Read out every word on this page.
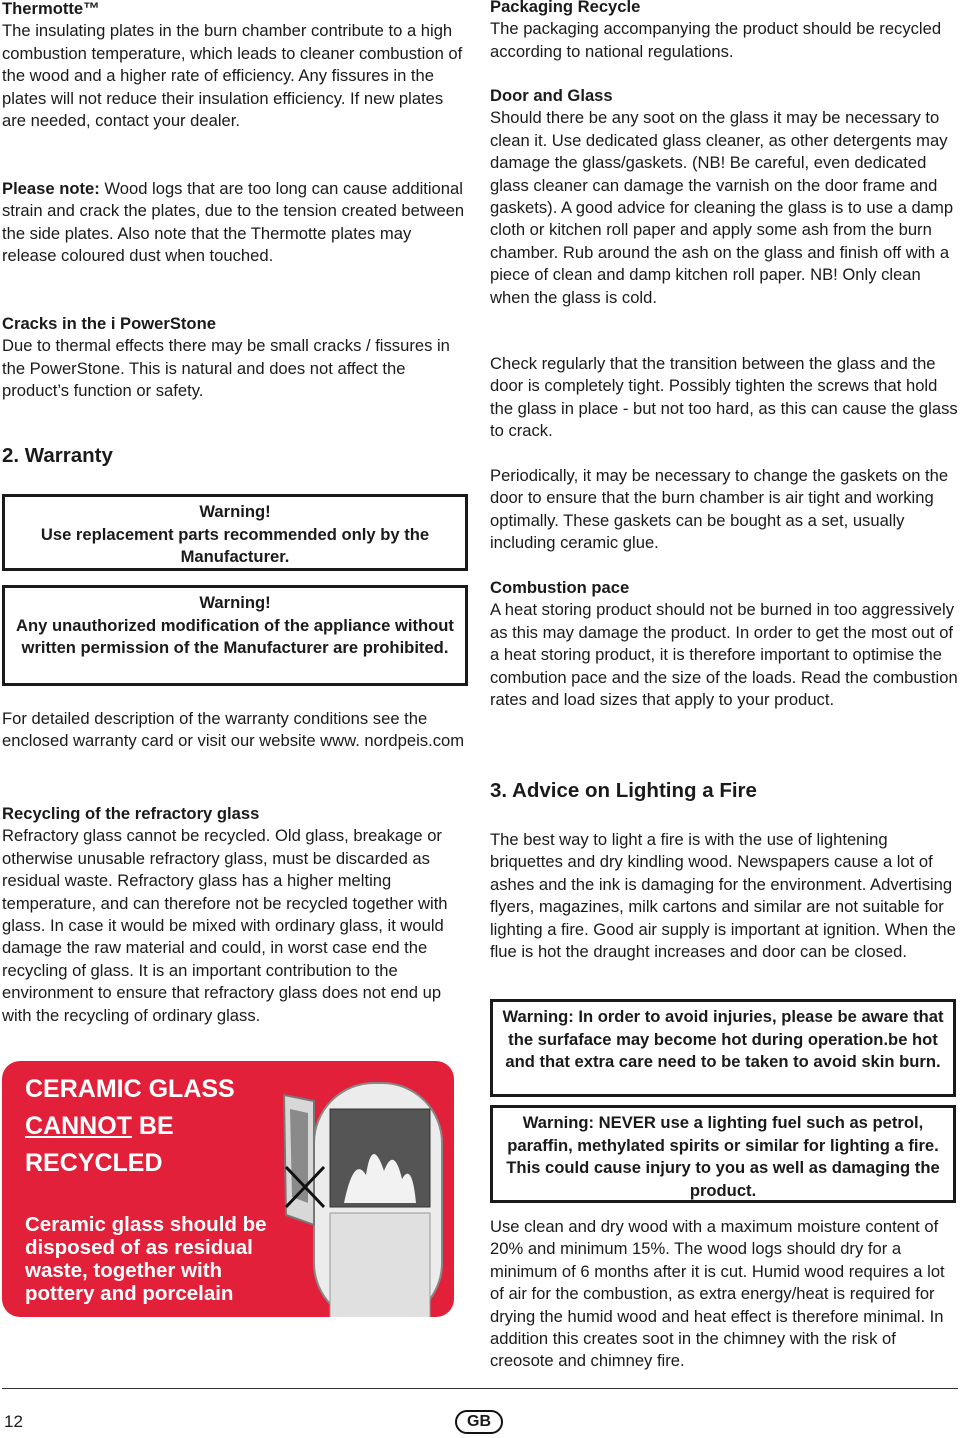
Thermotte™

The insulating plates in the burn chamber contribute to a high combustion temperature, which leads to cleaner combustion of the wood and a higher rate of efficiency. Any fissures in the plates will not reduce their insulation efficiency. If new plates are needed, contact your dealer.

Please note: Wood logs that are too long can cause additional strain and crack the plates, due to the tension created between the side plates. Also note that the Thermotte plates may release coloured dust when touched.

Cracks in the i PowerStone

Due to thermal effects there may be small cracks / fissures in the PowerStone. This is natural and does not affect the product’s function or safety.

2. Warranty

Warning!
Use replacement parts recommended only by the Manufacturer.
Warning!
Any unauthorized modification of the appliance without written permission of the Manufacturer are prohibited.

For detailed description of the warranty conditions see the enclosed warranty card or visit our website www. nordpeis.com

Recycling of the refractory glass

Refractory glass cannot be recycled. Old glass, breakage or otherwise unusable refractory glass, must be discarded as residual waste. Refractory glass has a higher melting temperature, and can therefore not be recycled together with glass. In case it would be mixed with ordinary glass, it would damage the raw material and could, in worst case end the recycling of glass. It is an important contribution to the environment to ensure that refractory glass does not end up with the recycling of ordinary glass.

CERAMIC GLASS
CANNOT BE
RECYCLED
Ceramic glass should be disposed of as residual waste, together with pottery and porcelain

Packaging Recycle

The packaging accompanying the product should be recycled according to national regulations.

Door and Glass

Should there be any soot on the glass it may be necessary to clean it. Use dedicated glass cleaner, as other detergents may damage the glass/gaskets. (NB! Be careful, even dedicated glass cleaner can damage the varnish on the door frame and gaskets). A good advice for cleaning the glass is to use a damp cloth or kitchen roll paper and apply some ash from the burn chamber. Rub around the ash on the glass and finish off with a piece of clean and damp kitchen roll paper. NB! Only clean when the glass is cold.

Check regularly that the transition between the glass and the door is completely tight. Possibly tighten the screws that hold the glass in place - but not too hard, as this can cause the glass to crack.

Periodically, it may be necessary to change the gaskets on the door to ensure that the burn chamber is air tight and working optimally. These gaskets can be bought as a set, usually including ceramic glue.

Combustion pace

A heat storing product should not be burned in too aggressively as this may damage the product. In order to get the most out of a heat storing product, it is therefore important to optimise the combution pace and the size of the loads. Read the combustion rates and load sizes that apply to your product.

3. Advice on Lighting a Fire

The best way to light a fire is with the use of lightening briquettes and dry kindling wood. Newspapers cause a lot of ashes and the ink is damaging for the environment. Advertising flyers, magazines, milk cartons and similar are not suitable for lighting a fire. Good air supply is important at ignition. When the flue is hot the draught increases and door can be closed.

Warning: In order to avoid injuries, please be aware that the surfaface may become hot during operation.be hot and that extra care need to be taken to avoid skin burn.
Warning: NEVER use a lighting fuel such as petrol, paraffin, methylated spirits or similar for lighting a fire. This could cause injury to you as well as damaging the product.

Use clean and dry wood with a maximum moisture content of 20% and minimum 15%. The wood logs should dry for a minimum of 6 months after it is cut. Humid wood requires a lot of air for the combustion, as extra energy/heat is required for drying the humid wood and heat effect is therefore minimal. In addition this creates soot in the chimney with the risk of creosote and chimney fire.

12	GB
